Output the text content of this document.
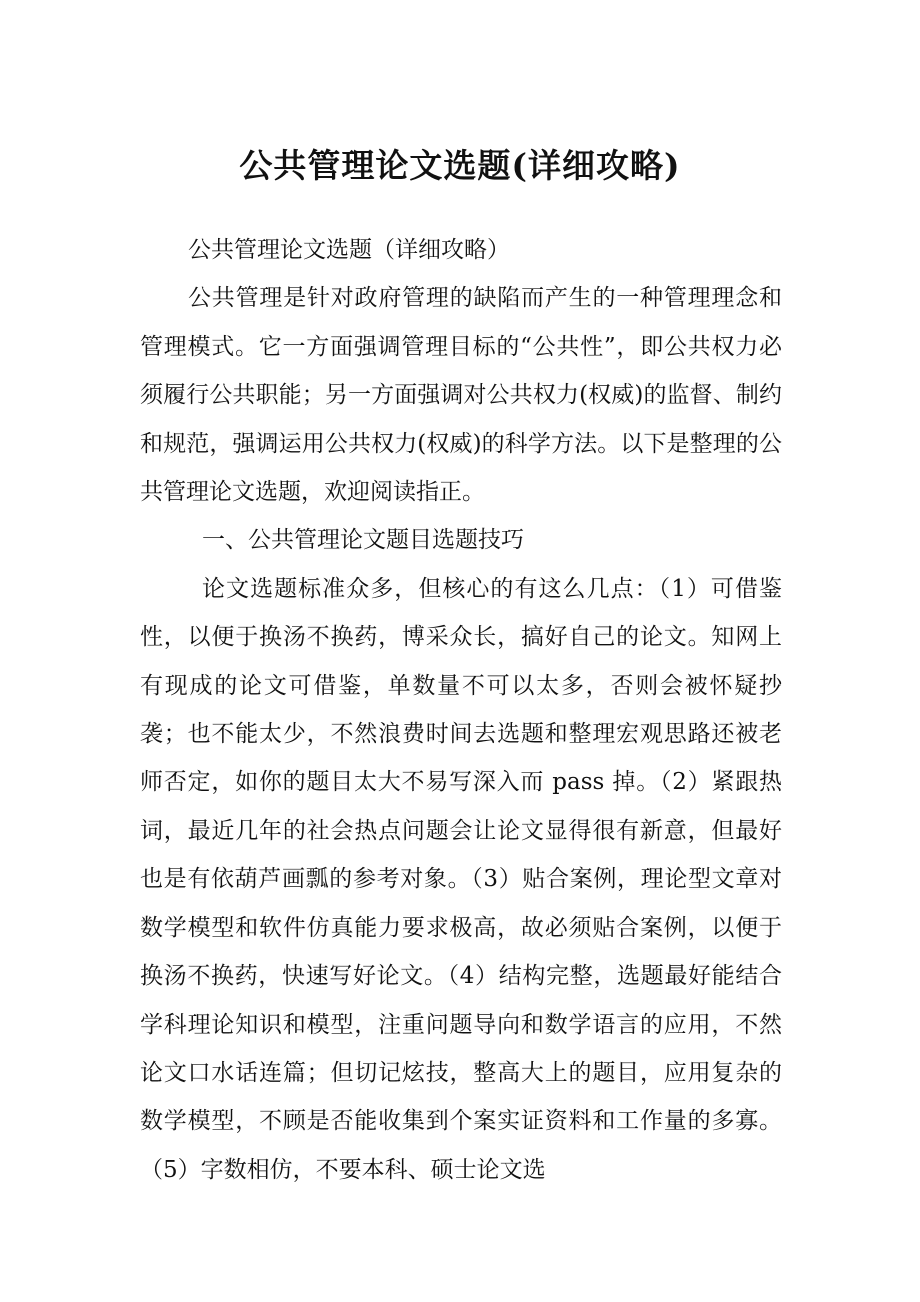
公共管理论文选题(详细攻略)

公共管理论文选题（详细攻略）

公共管理是针对政府管理的缺陷而产生的一种管理理念和管理模式。它一方面强调管理目标的“公共性”，即公共权力必须履行公共职能；另一方面强调对公共权力(权威)的监督、制约和规范，强调运用公共权力(权威)的科学方法。以下是整理的公共管理论文选题，欢迎阅读指正。

一、公共管理论文题目选题技巧

论文选题标准众多，但核心的有这么几点：（1）可借鉴性，以便于换汤不换药，博采众长，搞好自己的论文。知网上有现成的论文可借鉴，单数量不可以太多，否则会被怀疑抄袭；也不能太少，不然浪费时间去选题和整理宏观思路还被老师否定，如你的题目太大不易写深入而 pass 掉。（2）紧跟热词，最近几年的社会热点问题会让论文显得很有新意，但最好也是有依葫芦画瓢的参考对象。（3）贴合案例，理论型文章对数学模型和软件仿真能力要求极高，故必须贴合案例，以便于换汤不换药，快速写好论文。（4）结构完整，选题最好能结合学科理论知识和模型，注重问题导向和数学语言的应用，不然论文口水话连篇；但切记炫技，整高大上的题目，应用复杂的数学模型，不顾是否能收集到个案实证资料和工作量的多寡。（5）字数相仿，不要本科、硕士论文选
